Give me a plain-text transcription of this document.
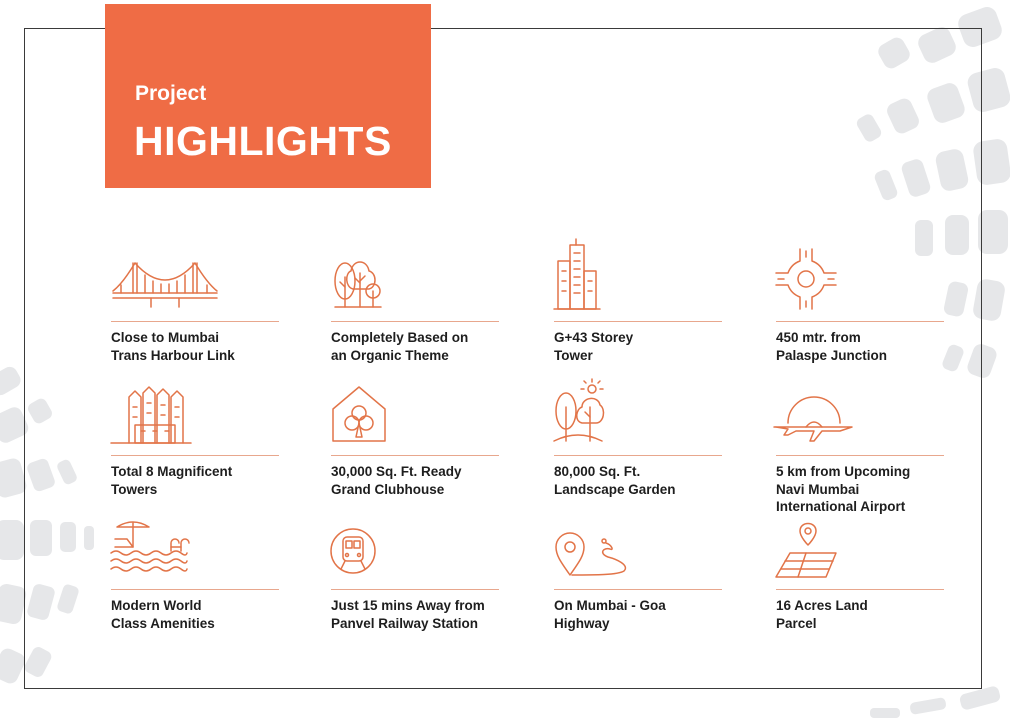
Project
HIGHLIGHTS
Close to Mumbai
Trans Harbour Link
Completely Based on
an Organic Theme
G+43 Storey
Tower
450 mtr. from
Palaspe Junction
Total 8 Magnificent
Towers
30,000 Sq. Ft. Ready
Grand Clubhouse
80,000 Sq. Ft.
Landscape Garden
5 km from Upcoming
Navi Mumbai
International Airport
Modern World
Class Amenities
Just 15 mins Away from
Panvel Railway Station
On Mumbai - Goa
Highway
16 Acres Land
Parcel
